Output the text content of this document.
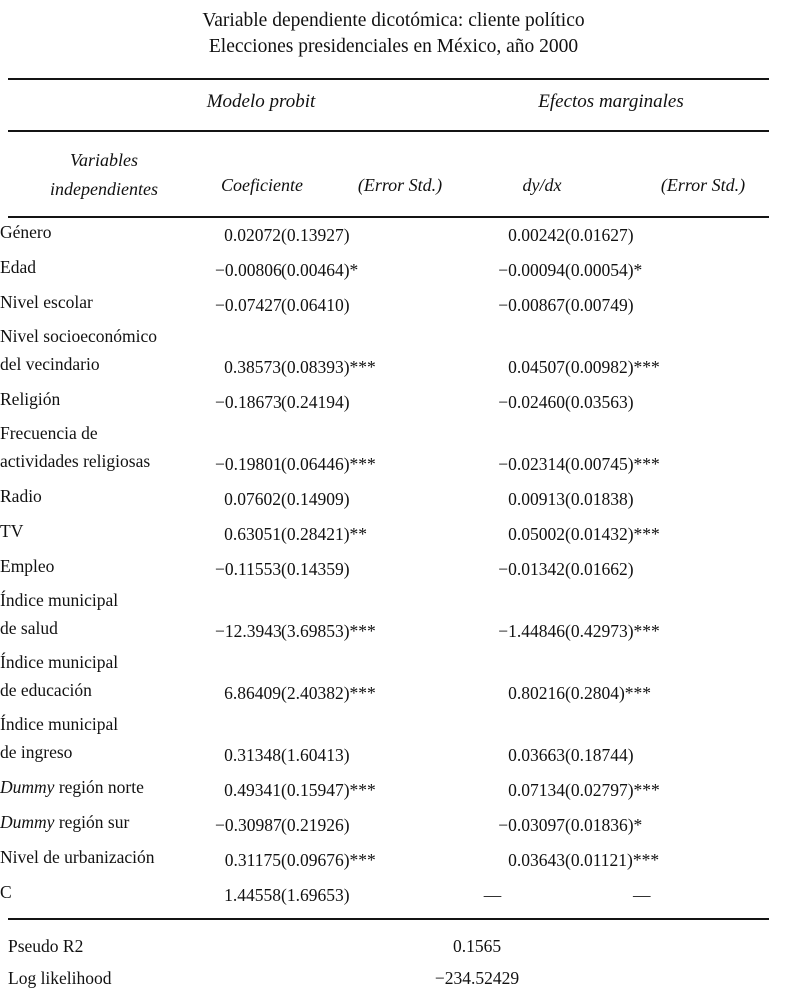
Variable dependiente dicotómica: cliente político
Elecciones presidenciales en México, año 2000
Modelo probit	Efectos marginales
Variables

independientes	Coeficiente	(Error Std.)	dy/dx	(Error Std.)
Género	0.02072	(0.13927)	0.00242	(0.01627)
Edad	−0.00806	(0.00464)*	−0.00094	(0.00054)*
Nivel escolar	−0.07427	(0.06410)	−0.00867	(0.00749)
Nivel socioeconómico
del vecindario	0.38573	(0.08393)***	0.04507	(0.00982)***
Religión	−0.18673	(0.24194)	−0.02460	(0.03563)
Frecuencia de
actividades religiosas	−0.19801	(0.06446)***	−0.02314	(0.00745)***
Radio	0.07602	(0.14909)	0.00913	(0.01838)
TV	0.63051	(0.28421)**	0.05002	(0.01432)***
Empleo	−0.11553	(0.14359)	−0.01342	(0.01662)
Índice municipal
de salud	−12.3943	(3.69853)***	−1.44846	(0.42973)***
Índice municipal
de educación	6.86409	(2.40382)***	0.80216	(0.2804)***
Índice municipal
de ingreso	0.31348	(1.60413)	0.03663	(0.18744)
Dummy región norte	0.49341	(0.15947)***	0.07134	(0.02797)***
Dummy región sur	−0.30987	(0.21926)	−0.03097	(0.01836)*
Nivel de urbanización	0.31175	(0.09676)***	0.03643	(0.01121)***
C	1.44558	(1.69653)	—	—
Pseudo R2	0.1565
Log likelihood	−234.52429
